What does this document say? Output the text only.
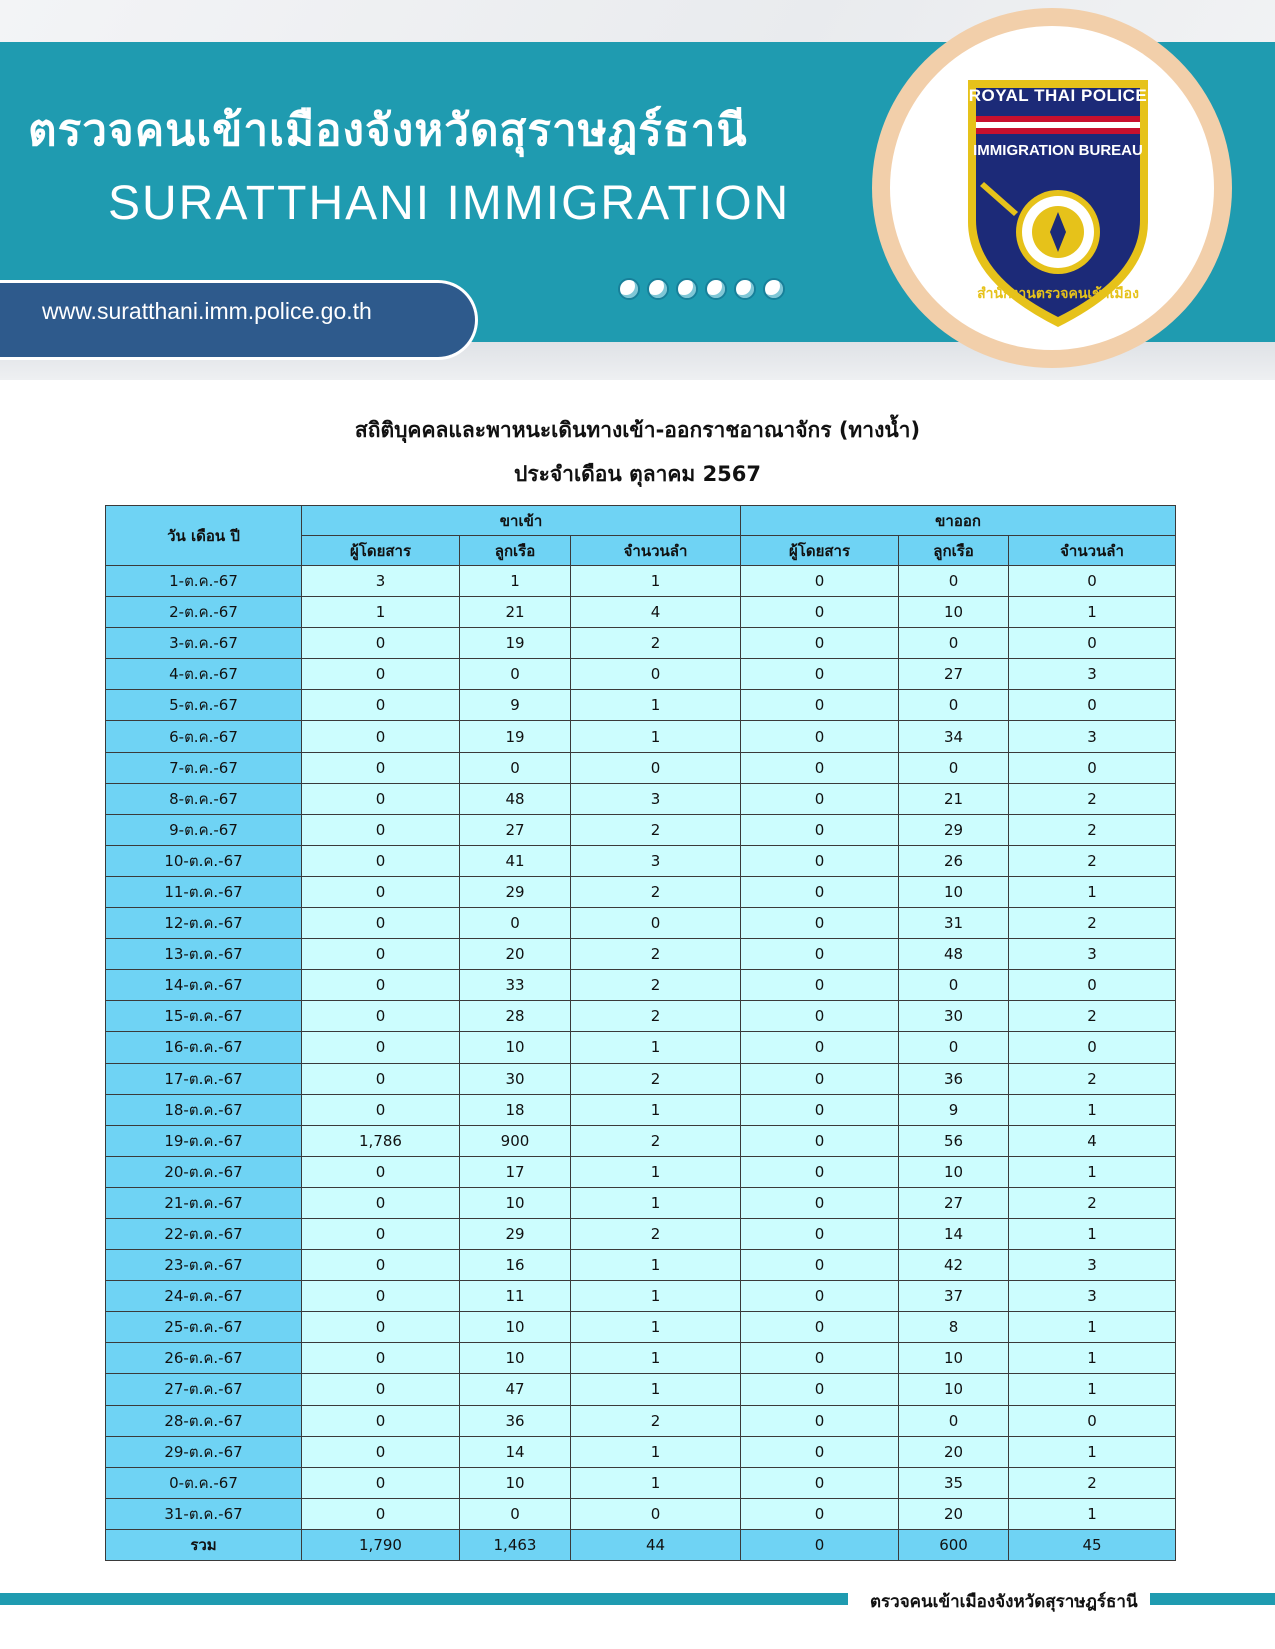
ตรวจคนเข้าเมืองจังหวัดสุราษฎร์ธานี
SURATTHANI IMMIGRATION
www.suratthani.imm.police.go.th
สำนักงานตรวจคนเข้าเมือง
ROYAL THAI POLICE
IMMIGRATION BUREAU
สถิติบุคคลและพาหนะเดินทางเข้า-ออกราชอาณาจักร (ทางน้ำ)
ประจำเดือน ตุลาคม 2567
วัน เดือน ปี	ขาเข้า			ขาออก		
	ผู้โดยสาร	ลูกเรือ	จำนวนลำ	ผู้โดยสาร	ลูกเรือ	จำนวนลำ
1-ต.ค.-67	3	1	1	0	0	0
2-ต.ค.-67	1	21	4	0	10	1
3-ต.ค.-67	0	19	2	0	0	0
4-ต.ค.-67	0	0	0	0	27	3
5-ต.ค.-67	0	9	1	0	0	0
6-ต.ค.-67	0	19	1	0	34	3
7-ต.ค.-67	0	0	0	0	0	0
8-ต.ค.-67	0	48	3	0	21	2
9-ต.ค.-67	0	27	2	0	29	2
10-ต.ค.-67	0	41	3	0	26	2
11-ต.ค.-67	0	29	2	0	10	1
12-ต.ค.-67	0	0	0	0	31	2
13-ต.ค.-67	0	20	2	0	48	3
14-ต.ค.-67	0	33	2	0	0	0
15-ต.ค.-67	0	28	2	0	30	2
16-ต.ค.-67	0	10	1	0	0	0
17-ต.ค.-67	0	30	2	0	36	2
18-ต.ค.-67	0	18	1	0	9	1
19-ต.ค.-67	1,786	900	2	0	56	4
20-ต.ค.-67	0	17	1	0	10	1
21-ต.ค.-67	0	10	1	0	27	2
22-ต.ค.-67	0	29	2	0	14	1
23-ต.ค.-67	0	16	1	0	42	3
24-ต.ค.-67	0	11	1	0	37	3
25-ต.ค.-67	0	10	1	0	8	1
26-ต.ค.-67	0	10	1	0	10	1
27-ต.ค.-67	0	47	1	0	10	1
28-ต.ค.-67	0	36	2	0	0	0
29-ต.ค.-67	0	14	1	0	20	1
0-ต.ค.-67	0	10	1	0	35	2
31-ต.ค.-67	0	0	0	0	20	1
รวม	1,790	1,463	44	0	600	45
ตรวจคนเข้าเมืองจังหวัดสุราษฎร์ธานี
